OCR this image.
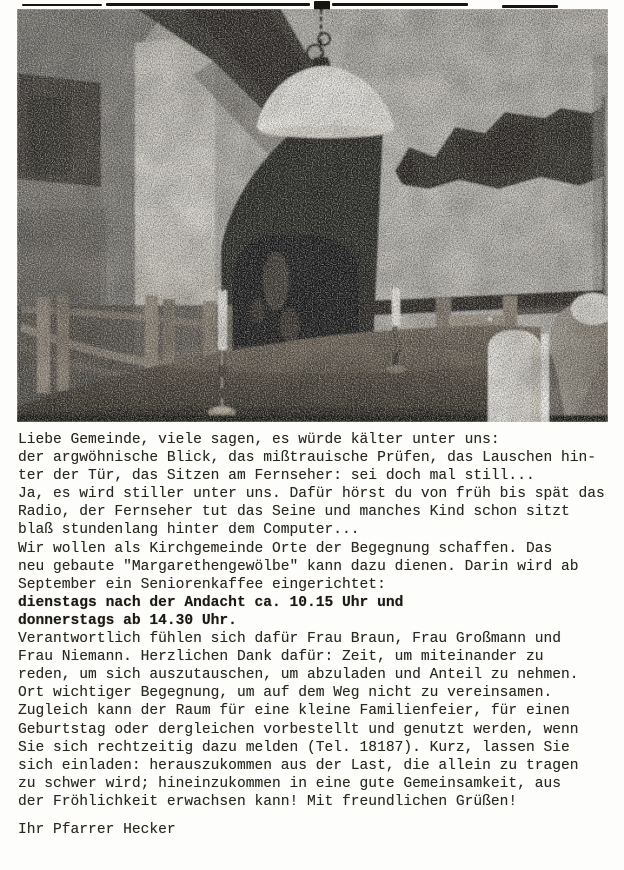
Liebe Gemeinde, viele sagen, es würde kälter unter uns:
der argwöhnische Blick, das mißtrauische Prüfen, das Lauschen hin-
ter der Tür, das Sitzen am Fernseher: sei doch mal still...
Ja, es wird stiller unter uns. Dafür hörst du von früh bis spät das
Radio, der Fernseher tut das Seine und manches Kind schon sitzt
blaß stundenlang hinter dem Computer...
Wir wollen als Kirchgemeinde Orte der Begegnung schaffen. Das
neu gebaute "Margarethengewölbe" kann dazu dienen. Darin wird ab
September ein Seniorenkaffee eingerichtet:
dienstags nach der Andacht ca. 10.15 Uhr und
donnerstags ab 14.30 Uhr.
Verantwortlich fühlen sich dafür Frau Braun, Frau Großmann und
Frau Niemann. Herzlichen Dank dafür: Zeit, um miteinander zu
reden, um sich auszutauschen, um abzuladen und Anteil zu nehmen.
Ort wichtiger Begegnung, um auf dem Weg nicht zu vereinsamen.
Zugleich kann der Raum für eine kleine Familienfeier, für einen
Geburtstag oder dergleichen vorbestellt und genutzt werden, wenn
Sie sich rechtzeitig dazu melden (Tel. 18187). Kurz, lassen Sie
sich einladen: herauszukommen aus der Last, die allein zu tragen
zu schwer wird; hineinzukommen in eine gute Gemeinsamkeit, aus
der Fröhlichkeit erwachsen kann! Mit freundlichen Grüßen!
Ihr Pfarrer Hecker
